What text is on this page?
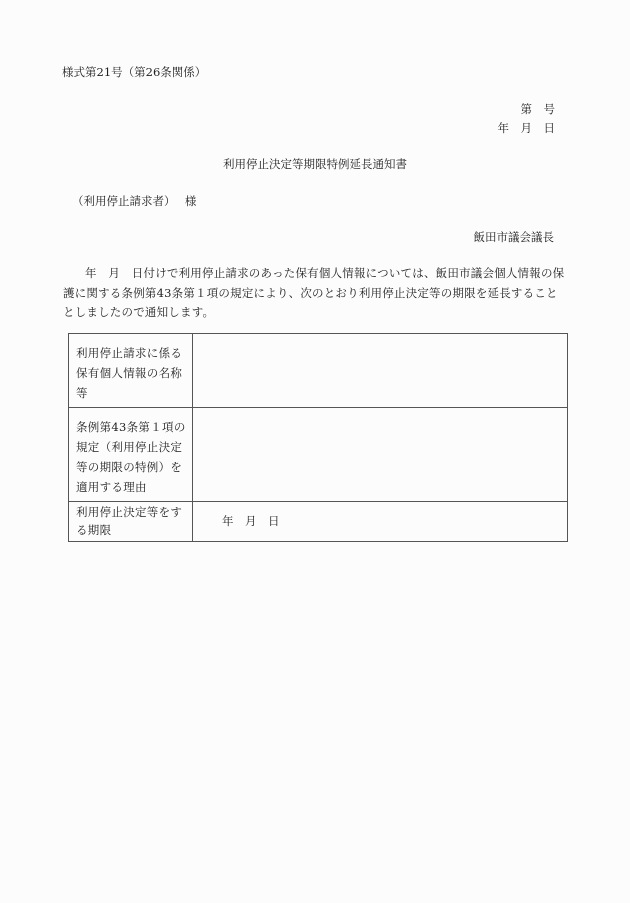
様式第21号（第26条関係）
第　号
年　月　日
利用停止決定等期限特例延長通知書
（利用停止請求者）　 様
飯田市議会議長
年　月　日付けで利用停止請求のあった保有個人情報については、飯田市議会個人情報の保護に関する条例第43条第１項の規定により、次のとおり利用停止決定等の期限を延長することとしましたので通知します。
利用停止請求に係る保有個人情報の名称等	
条例第43条第１項の規定（利用停止決定等の期限の特例）を適用する理由	
利用停止決定等をする期限	年　月　日
